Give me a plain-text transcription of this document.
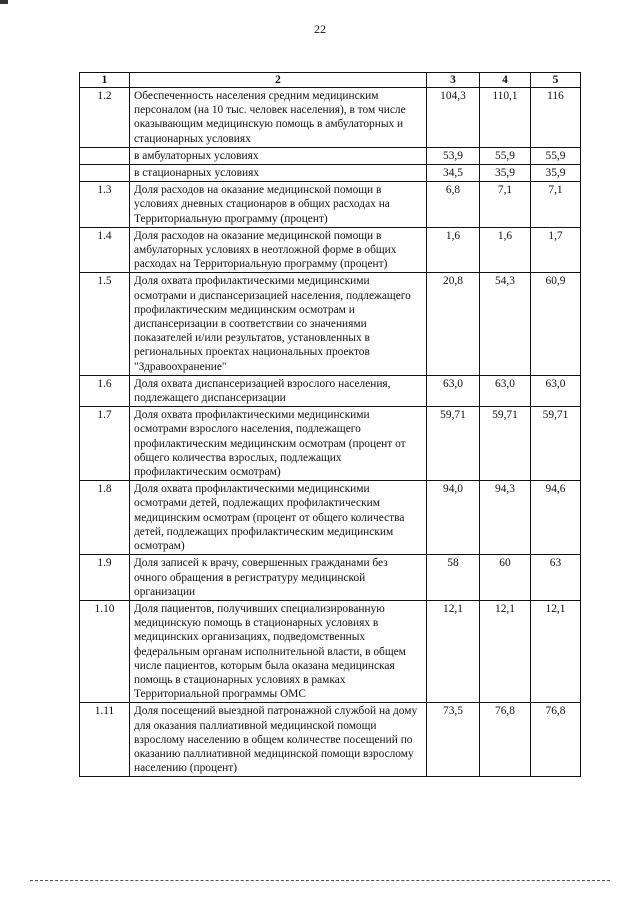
22
1	2	3	4	5
1.2	Обеспеченность населения средним медицинским персоналом (на 10 тыс. человек населения), в том числе оказывающим медицинскую помощь в амбулаторных и стационарных условиях	104,3	110,1	116
	в амбулаторных условиях	53,9	55,9	55,9
	в стационарных условиях	34,5	35,9	35,9
1.3	Доля расходов на оказание медицинской помощи в условиях дневных стационаров в общих расходах на Территориальную программу (процент)	6,8	7,1	7,1
1.4	Доля расходов на оказание медицинской помощи в амбулаторных условиях в неотложной форме в общих расходах на Территориальную программу (процент)	1,6	1,6	1,7
1.5	Доля охвата профилактическими медицинскими осмотрами и диспансеризацией населения, подлежащего профилактическим медицинским осмотрам и диспансеризации в соответствии со значениями показателей и/или результатов, установленных в региональных проектах национальных проектов "Здравоохранение"	20,8	54,3	60,9
1.6	Доля охвата диспансеризацией взрослого населения, подлежащего диспансеризации	63,0	63,0	63,0
1.7	Доля охвата профилактическими медицинскими осмотрами взрослого населения, подлежащего профилактическим медицинским осмотрам (процент от общего количества взрослых, подлежащих профилактическим осмотрам)	59,71	59,71	59,71
1.8	Доля охвата профилактическими медицинскими осмотрами детей, подлежащих профилактическим медицинским осмотрам (процент от общего количества детей, подлежащих профилактическим медицинским осмотрам)	94,0	94,3	94,6
1.9	Доля записей к врачу, совершенных гражданами без очного обращения в регистратуру медицинской организации	58	60	63
1.10	Доля пациентов, получивших специализированную медицинскую помощь в стационарных условиях в медицинских организациях, подведомственных федеральным органам исполнительной власти, в общем числе пациентов, которым была оказана медицинская помощь в стационарных условиях в рамках Территориальной программы ОМС	12,1	12,1	12,1
1.11	Доля посещений выездной патронажной службой на дому для оказания паллиативной медицинской помощи взрослому населению в общем количестве посещений по оказанию паллиативной медицинской помощи взрослому населению (процент)	73,5	76,8	76,8
